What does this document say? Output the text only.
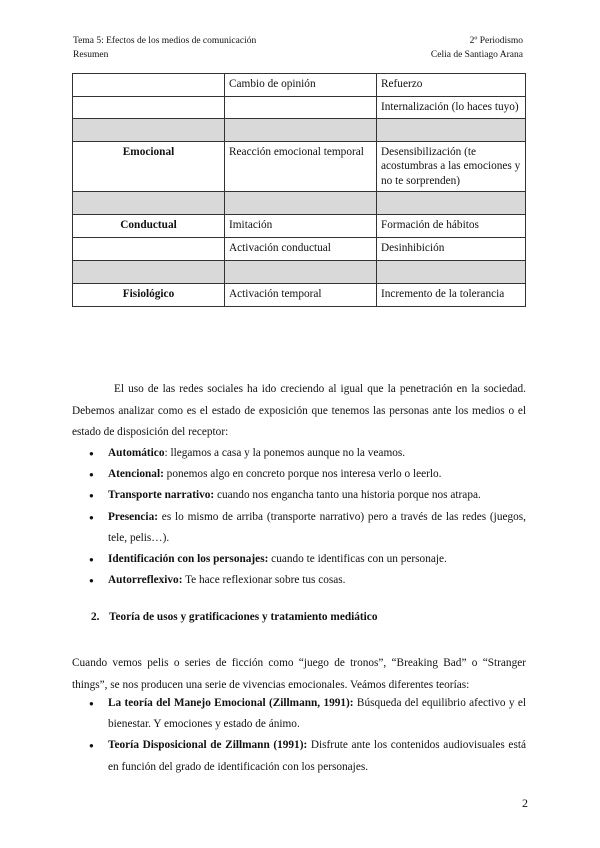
Tema 5: Efectos de los medios de comunicación
Resumen
2º Periodismo
Celia de Santiago Arana
	Cambio de opinión	Refuerzo
		Internalización (lo haces tuyo)

Emocional	Reacción emocional temporal	Desensibilización (te acostumbras a las emociones y no te sorprenden)

Conductual	Imitación	Formación de hábitos
	Activación conductual	Desinhibición

Fisiológico	Activación temporal	Incremento de la tolerancia
El uso de las redes sociales ha ido creciendo al igual que la penetración en la sociedad. Debemos analizar como es el estado de exposición que tenemos las personas ante los medios o el estado de disposición del receptor:
● Automático: llegamos a casa y la ponemos aunque no la veamos.
● Atencional: ponemos algo en concreto porque nos interesa verlo o leerlo.
● Transporte narrativo: cuando nos engancha tanto una historia porque nos atrapa.
● Presencia: es lo mismo de arriba (transporte narrativo) pero a través de las redes (juegos, tele, pelis…).
● Identificación con los personajes: cuando te identificas con un personaje.
● Autorreflexivo: Te hace reflexionar sobre tus cosas.
2. Teoría de usos y gratificaciones y tratamiento mediático
Cuando vemos pelis o series de ficción como “juego de tronos”, “Breaking Bad” o “Stranger things”, se nos producen una serie de vivencias emocionales. Veámos diferentes teorías:
● La teoría del Manejo Emocional (Zillmann, 1991): Búsqueda del equilibrio afectivo y el bienestar. Y emociones y estado de ánimo.
● Teoría Disposicional de Zillmann (1991): Disfrute ante los contenidos audiovisuales está en función del grado de identificación con los personajes.
2
